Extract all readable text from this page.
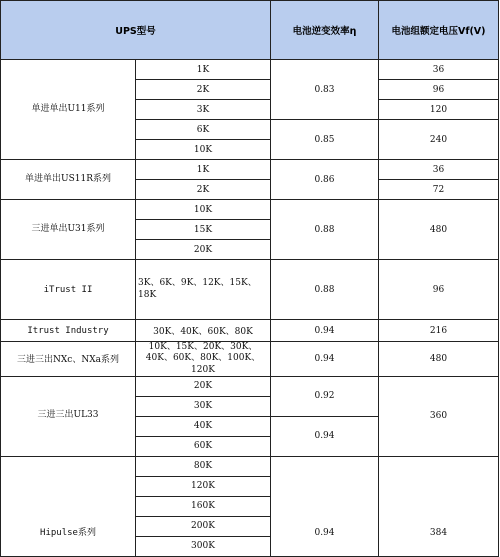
UPS型号		电池逆变效率η	电池组额定电压Vf(V)
单进单出U11系列	1K	0.83	36
	2K		96
	3K		120
	6K	0.85	240
	10K		
单进单出US11R系列	1K	0.86	36
	2K		72
三进单出U31系列	10K	0.88	480
	15K		
	20K		
iTrust II	3K、6K、9K、12K、15K、18K	0.88	96
Itrust Industry	30K、40K、60K、80K	0.94	216
三进三出NXc、NXa系列	10K、15K、20K、30K、40K、60K、80K、100K、120K	0.94	480
三进三出UL33	20K	0.92	360
	30K		
	40K	0.94	
	60K		
Hipulse系列	80K	0.94	384
	120K		
	160K		
	200K		
	300K		
